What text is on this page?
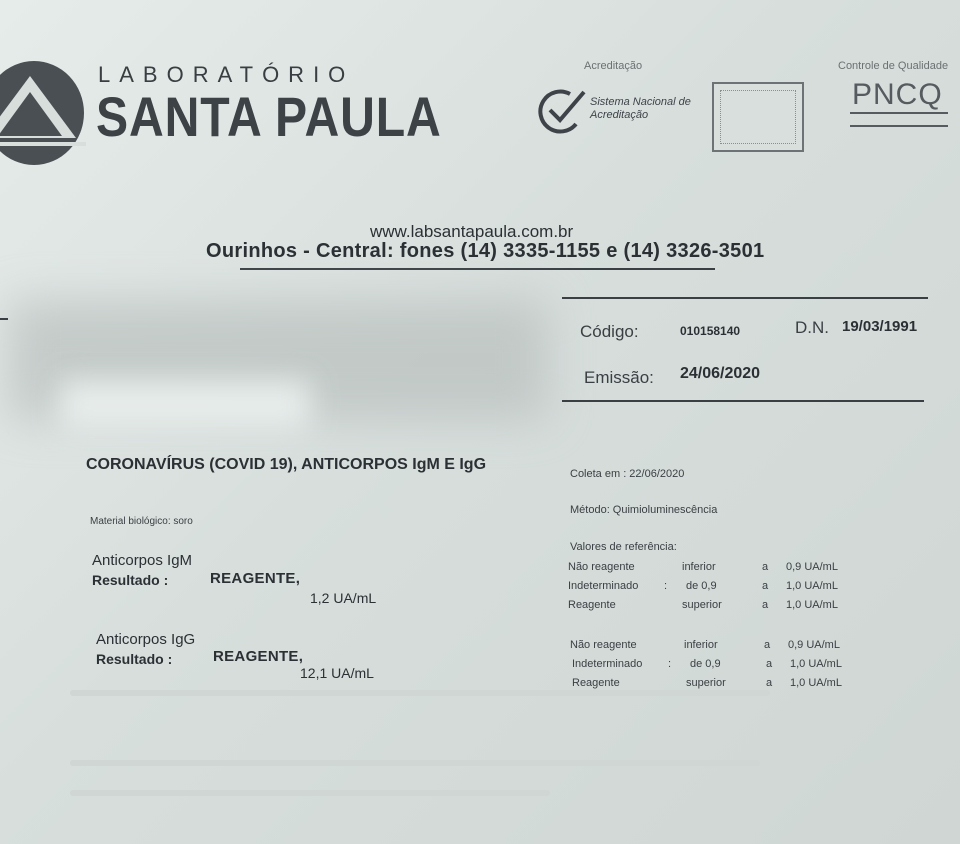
LABORATÓRIO
SANTA PAULA
Acreditação
Sistema Nacional de Acreditação
Controle de Qualidade
PNCQ

www.labsantapaula.com.br
Ourinhos - Central: fones (14) 3335-1155 e (14) 3326-3501
Código:	010158140	D.N. 19/03/1991
Emissão: 24/06/2020
CORONAVÍRUS (COVID 19), ANTICORPOS IgM E IgG
Material biológico: soro
Coleta em : 22/06/2020
Método: Quimioluminescência
Valores de referência:
Anticorpos IgM
Resultado :	REAGENTE,
1,2 UA/mL
Anticorpos IgG
Resultado :	REAGENTE,
12,1 UA/mL
Não reagente	inferior	a 0,9 UA/mL
Indeterminado : de 0,9	a 1,0 UA/mL
Reagente	superior	a 1,0 UA/mL
Não reagente	inferior	a 0,9 UA/mL
Indeterminado : de 0,9	a 1,0 UA/mL
Reagente	superior	a 1,0 UA/mL
